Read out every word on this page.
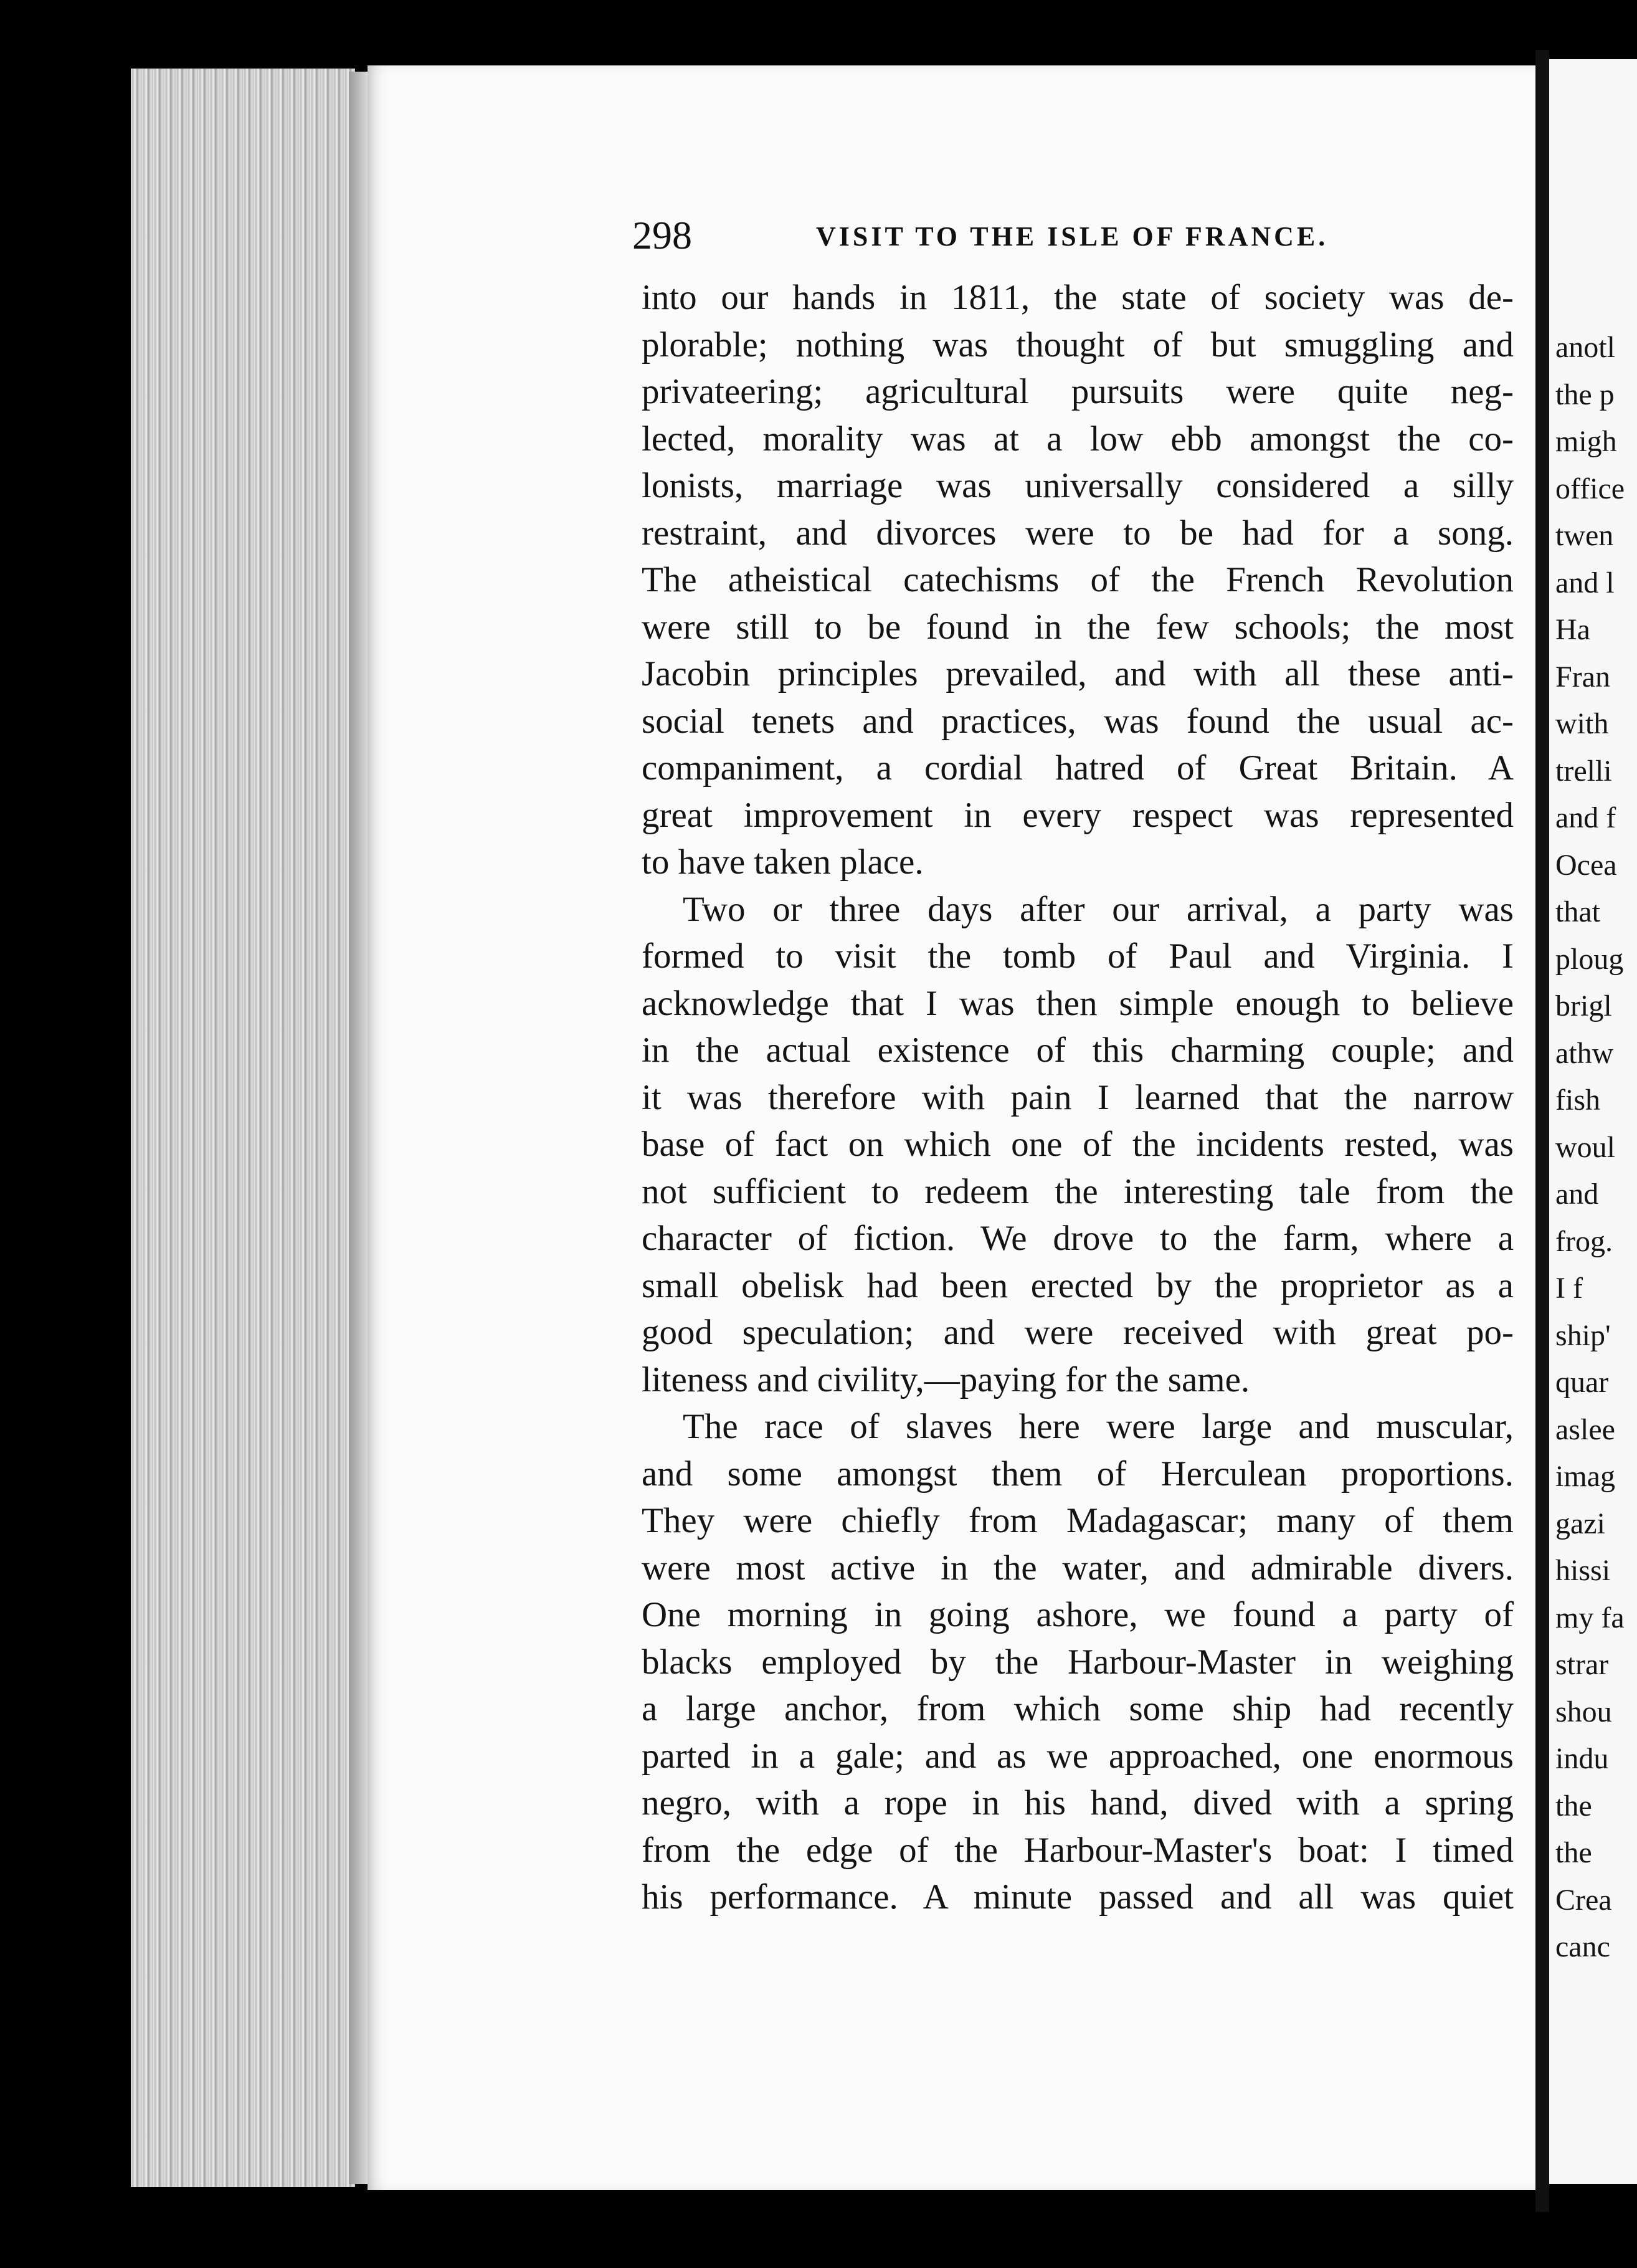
298	VISIT TO THE ISLE OF FRANCE.
into our hands in 1811, the state of society was de-
plorable; nothing was thought of but smuggling and
privateering; agricultural pursuits were quite neg-
lected, morality was at a low ebb amongst the co-
lonists, marriage was universally considered a silly
restraint, and divorces were to be had for a song.
The atheistical catechisms of the French Revolution
were still to be found in the few schools; the most
Jacobin principles prevailed, and with all these anti-
social tenets and practices, was found the usual ac-
companiment, a cordial hatred of Great Britain. A
great improvement in every respect was represented
to have taken place.
Two or three days after our arrival, a party was
formed to visit the tomb of Paul and Virginia. I
acknowledge that I was then simple enough to believe
in the actual existence of this charming couple; and
it was therefore with pain I learned that the narrow
base of fact on which one of the incidents rested, was
not sufficient to redeem the interesting tale from the
character of fiction. We drove to the farm, where a
small obelisk had been erected by the proprietor as a
good speculation; and were received with great po-
liteness and civility,—paying for the same.
The race of slaves here were large and muscular,
and some amongst them of Herculean proportions.
They were chiefly from Madagascar; many of them
were most active in the water, and admirable divers.
One morning in going ashore, we found a party of
blacks employed by the Harbour-Master in weighing
a large anchor, from which some ship had recently
parted in a gale; and as we approached, one enormous
negro, with a rope in his hand, dived with a spring
from the edge of the Harbour-Master's boat: I timed
his performance. A minute passed and all was quiet
anotl
the p
migh
office
twen
and l
Ha
Fran
with
trelli
and f
Ocea
that
ploug
brigl
athw
fish
woul
and
frog.
I f
ship'
quar
aslee
imag
gazi
hissi
my fa
strar
shou
indu
the
the
Crea
canc
